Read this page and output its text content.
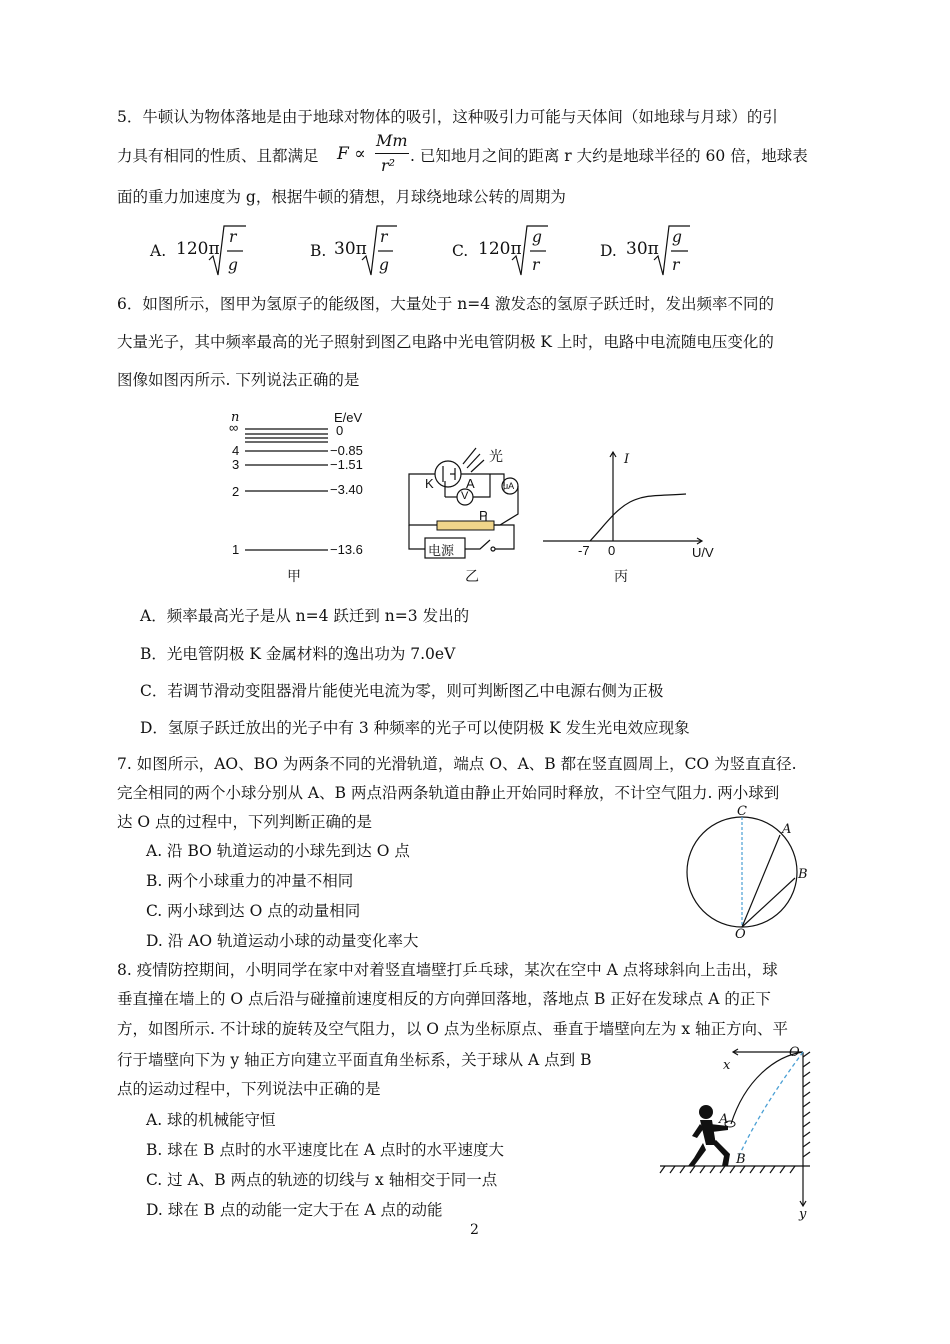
5．牛顿认为物体落地是由于地球对物体的吸引，这种吸引力可能与天体间（如地球与月球）的引
力具有相同的性质、且都满足 F ∝
Mm
r² . 已知地月之间的距离 r 大约是地球半径的 60 倍，地球表
面的重力加速度为 g，根据牛顿的猜想，月球绕地球公转的周期为
A. 120π
r
g
B. 30π
r
g
C. 120π
g
r
D. 30π
g
r
6．如图所示，图甲为氢原子的能级图，大量处于 n=4 激发态的氢原子跃迁时，发出频率不同的
大量光子，其中频率最高的光子照射到图乙电路中光电管阴极 K 上时，电路中电流随电压变化的
图像如图丙所示. 下列说法正确的是
n	E/eV
∞	0
4	−0.85
3	−1.51
2	−3.40
1	−13.6
甲
光
K A
V
μA
P
电源
乙
I
-7 0	U/V
丙
A．频率最高光子是从 n=4 跃迁到 n=3 发出的
B．光电管阴极 K 金属材料的逸出功为 7.0eV
C．若调节滑动变阻器滑片能使光电流为零，则可判断图乙中电源右侧为正极
D．氢原子跃迁放出的光子中有 3 种频率的光子可以使阴极 K 发生光电效应现象
7. 如图所示，AO、BO 为两条不同的光滑轨道，端点 O、A、B 都在竖直圆周上，CO 为竖直直径.
完全相同的两个小球分别从 A、B 两点沿两条轨道由静止开始同时释放，不计空气阻力. 两小球到
达 O 点的过程中，下列判断正确的是
A. 沿 BO 轨道运动的小球先到达 O 点
B. 两个小球重力的冲量不相同
C. 两小球到达 O 点的动量相同
D. 沿 AO 轨道运动小球的动量变化率大
C
A
B
O
8. 疫情防控期间，小明同学在家中对着竖直墙壁打乒乓球，某次在空中 A 点将球斜向上击出，球
垂直撞在墙上的 O 点后沿与碰撞前速度相反的方向弹回落地，落地点 B 正好在发球点 A 的正下
方，如图所示. 不计球的旋转及空气阻力，以 O 点为坐标原点、垂直于墙壁向左为 x 轴正方向、平
行于墙壁向下为 y 轴正方向建立平面直角坐标系，关于球从 A 点到 B
点的运动过程中，下列说法中正确的是
A. 球的机械能守恒
B. 球在 B 点时的水平速度比在 A 点时的水平速度大
C. 过 A、B 两点的轨迹的切线与 x 轴相交于同一点
D. 球在 B 点的动能一定大于在 A 点的动能
O
x
A
B
y
2
